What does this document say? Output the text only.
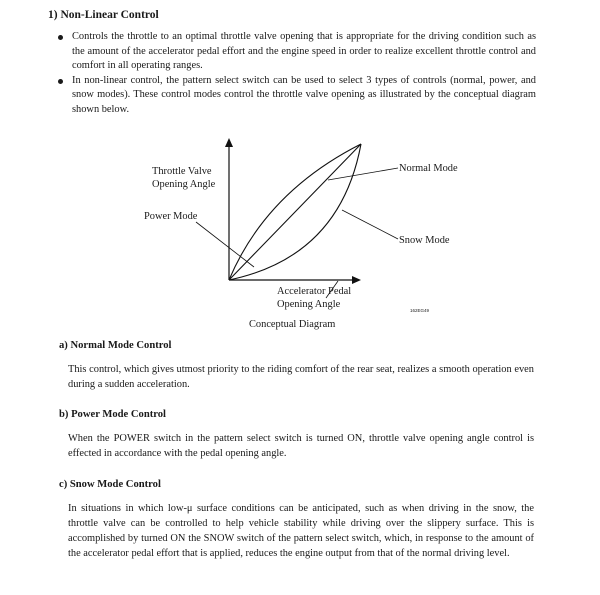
1) Non-Linear Control
Controls the throttle to an optimal throttle valve opening that is appropriate for the driving condition such as the amount of the accelerator pedal effort and the engine speed in order to realize excellent throttle control and comfort in all operating ranges.
In non-linear control, the pattern select switch can be used to select 3 types of controls (normal, power, and snow modes). These control modes control the throttle valve opening as illustrated by the conceptual diagram shown below.
Throttle Valve
Opening Angle
Power Mode
Normal Mode
Snow Mode
Accelerator Pedal
Opening Angle
162EG49
Conceptual Diagram
a) Normal Mode Control

This control, which gives utmost priority to the riding comfort of the rear seat, realizes a smooth operation even during a sudden acceleration.

b) Power Mode Control

When the POWER switch in the pattern select switch is turned ON, throttle valve opening angle control is effected in accordance with the pedal opening angle.

c) Snow Mode Control

In situations in which low-μ surface conditions can be anticipated, such as when driving in the snow, the throttle valve can be controlled to help vehicle stability while driving over the slippery surface. This is accomplished by turned ON the SNOW switch of the pattern select switch, which, in response to the amount of the accelerator pedal effort that is applied, reduces the engine output from that of the normal driving level.
